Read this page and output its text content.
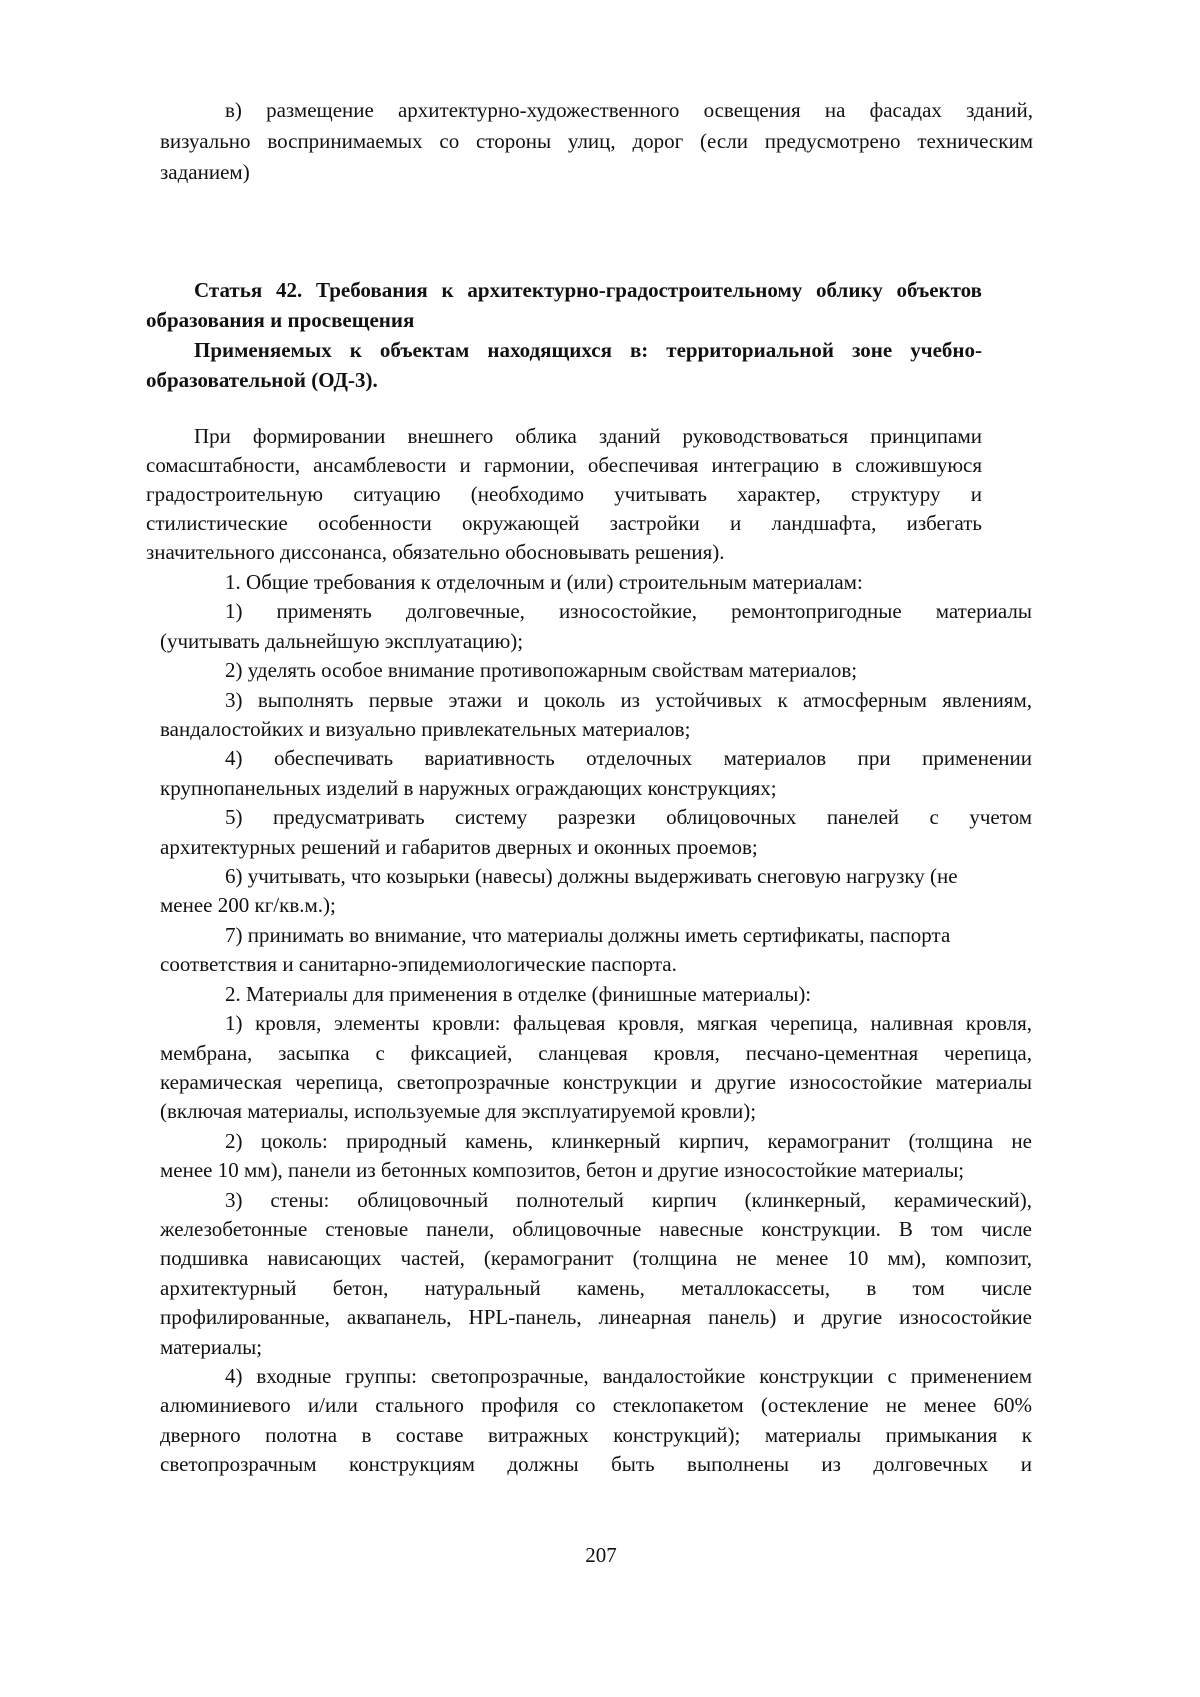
в) размещение архитектурно-художественного освещения на фасадах зданий,

визуально воспринимаемых со стороны улиц, дорог (если предусмотрено техническим

заданием)

Статья 42. Требования к архитектурно-градостроительному облику объектов

образования и просвещения

Применяемых к объектам находящихся в: территориальной зоне учебно-

образовательной (ОД-3).

При формировании внешнего облика зданий руководствоваться принципами

сомасштабности, ансамблевости и гармонии, обеспечивая интеграцию в сложившуюся

градостроительную ситуацию (необходимо учитывать характер, структуру и

стилистические особенности окружающей застройки и ландшафта, избегать

значительного диссонанса, обязательно обосновывать решения).

1. Общие требования к отделочным и (или) строительным материалам:

1) применять долговечные, износостойкие, ремонтопригодные материалы

(учитывать дальнейшую эксплуатацию);

2) уделять особое внимание противопожарным свойствам материалов;

3) выполнять первые этажи и цоколь из устойчивых к атмосферным явлениям,

вандалостойких и визуально привлекательных материалов;

4) обеспечивать вариативность отделочных материалов при применении

крупнопанельных изделий в наружных ограждающих конструкциях;

5) предусматривать систему разрезки облицовочных панелей с учетом

архитектурных решений и габаритов дверных и оконных проемов;

6) учитывать, что козырьки (навесы) должны выдерживать снеговую нагрузку (не

менее 200 кг/кв.м.);

7) принимать во внимание, что материалы должны иметь сертификаты, паспорта

соответствия и санитарно-эпидемиологические паспорта.

2. Материалы для применения в отделке (финишные материалы):

1) кровля, элементы кровли: фальцевая кровля, мягкая черепица, наливная кровля,

мембрана, засыпка с фиксацией, сланцевая кровля, песчано-цементная черепица,

керамическая черепица, светопрозрачные конструкции и другие износостойкие материалы

(включая материалы, используемые для эксплуатируемой кровли);

2) цоколь: природный камень, клинкерный кирпич, керамогранит (толщина не

менее 10 мм), панели из бетонных композитов, бетон и другие износостойкие материалы;

3) стены: облицовочный полнотелый кирпич (клинкерный, керамический),

железобетонные стеновые панели, облицовочные навесные конструкции. В том числе

подшивка нависающих частей, (керамогранит (толщина не менее 10 мм), композит,

архитектурный бетон, натуральный камень, металлокассеты, в том числе

профилированные, аквапанель, HPL-панель, линеарная панель) и другие износостойкие

материалы;

4) входные группы: светопрозрачные, вандалостойкие конструкции с применением

алюминиевого и/или стального профиля со стеклопакетом (остекление не менее 60%

дверного полотна в составе витражных конструкций); материалы примыкания к

светопрозрачным конструкциям должны быть выполнены из долговечных и

207
